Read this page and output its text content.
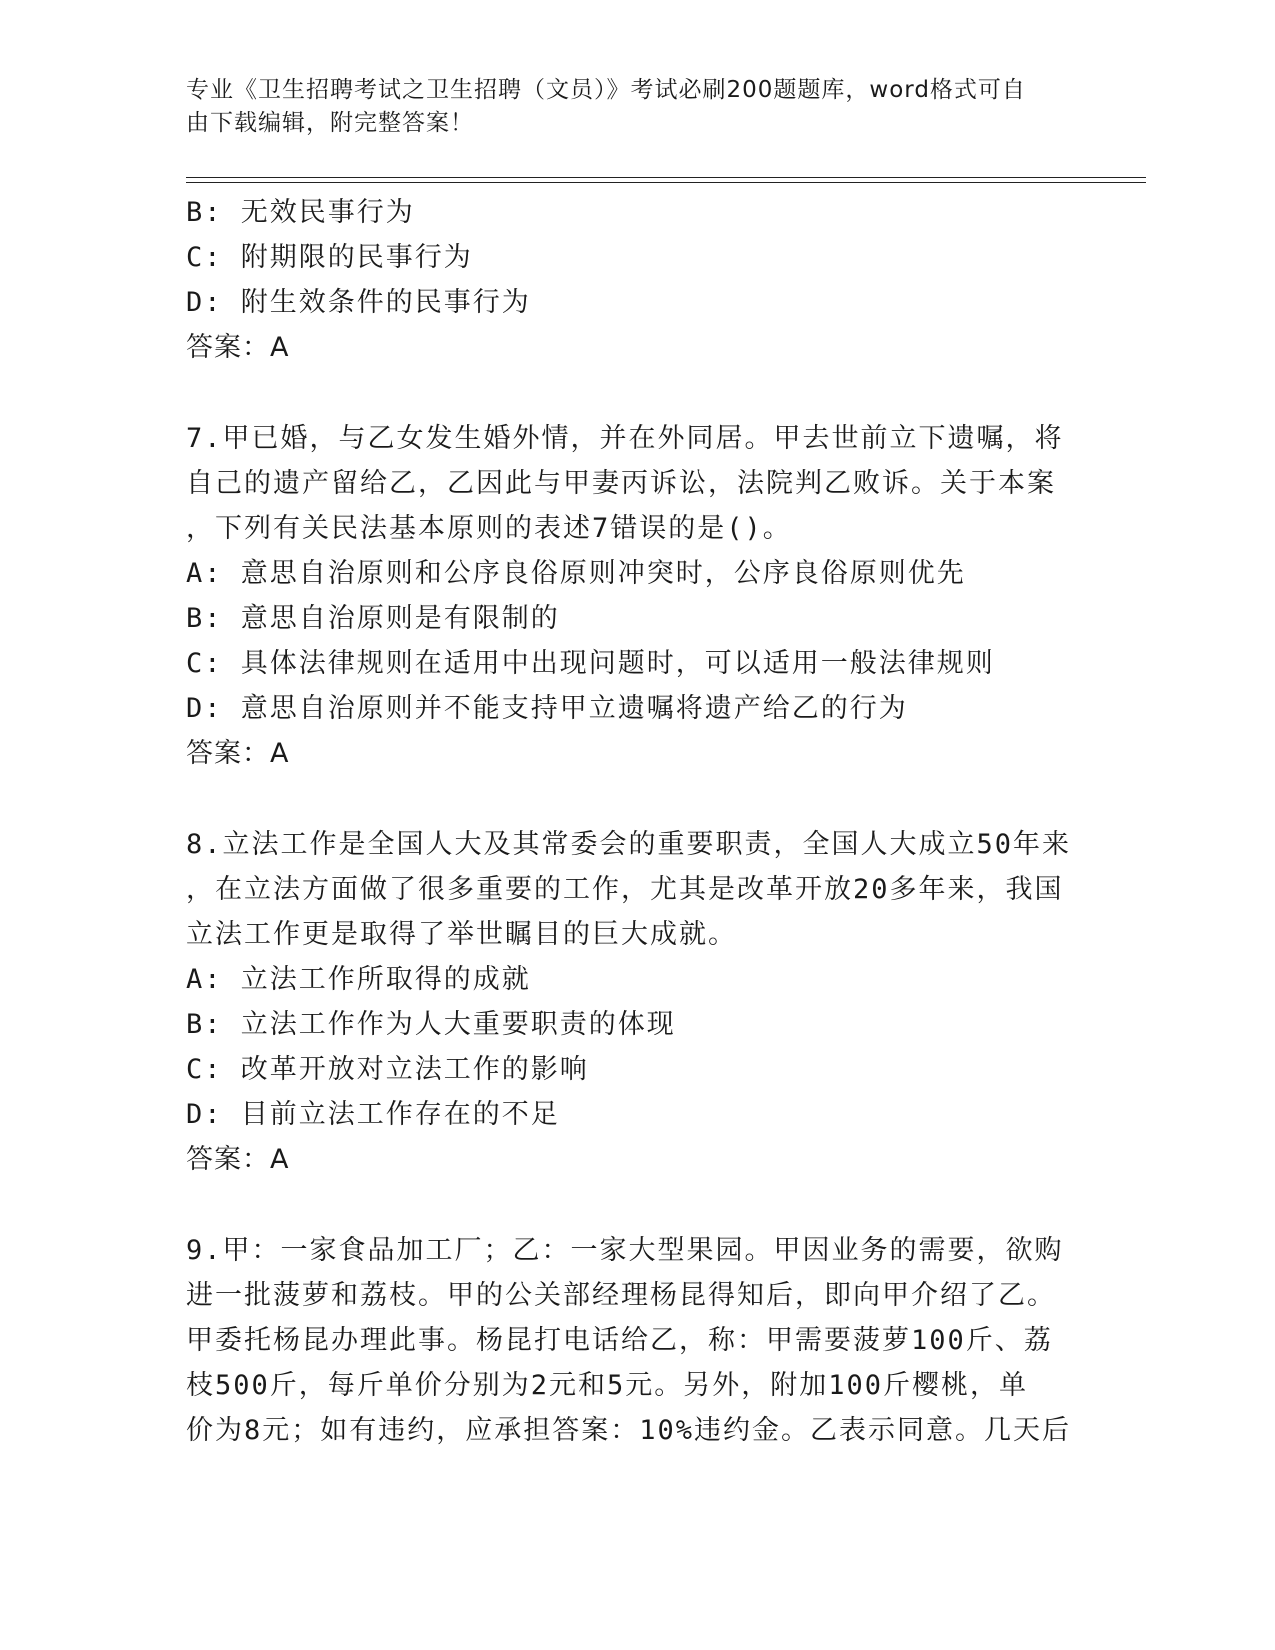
专业《卫生招聘考试之卫生招聘（文员）》考试必刷200题题库，word格式可自
由下载编辑，附完整答案！
B: 无效民事行为
C: 附期限的民事行为
D: 附生效条件的民事行为
答案：A
7.甲已婚，与乙女发生婚外情，并在外同居。甲去世前立下遗嘱，将
自己的遗产留给乙，乙因此与甲妻丙诉讼，法院判乙败诉。关于本案
，下列有关民法基本原则的表述7错误的是()。
A: 意思自治原则和公序良俗原则冲突时，公序良俗原则优先
B: 意思自治原则是有限制的
C: 具体法律规则在适用中出现问题时，可以适用一般法律规则
D: 意思自治原则并不能支持甲立遗嘱将遗产给乙的行为
答案：A
8.立法工作是全国人大及其常委会的重要职责，全国人大成立50年来
，在立法方面做了很多重要的工作，尤其是改革开放20多年来，我国
立法工作更是取得了举世瞩目的巨大成就。
A: 立法工作所取得的成就
B: 立法工作作为人大重要职责的体现
C: 改革开放对立法工作的影响
D: 目前立法工作存在的不足
答案：A
9.甲：一家食品加工厂；乙：一家大型果园。甲因业务的需要，欲购
进一批菠萝和荔枝。甲的公关部经理杨昆得知后，即向甲介绍了乙。
甲委托杨昆办理此事。杨昆打电话给乙，称：甲需要菠萝100斤、荔
枝500斤，每斤单价分别为2元和5元。另外，附加100斤樱桃，单
价为8元；如有违约，应承担答案：10%违约金。乙表示同意。几天后
